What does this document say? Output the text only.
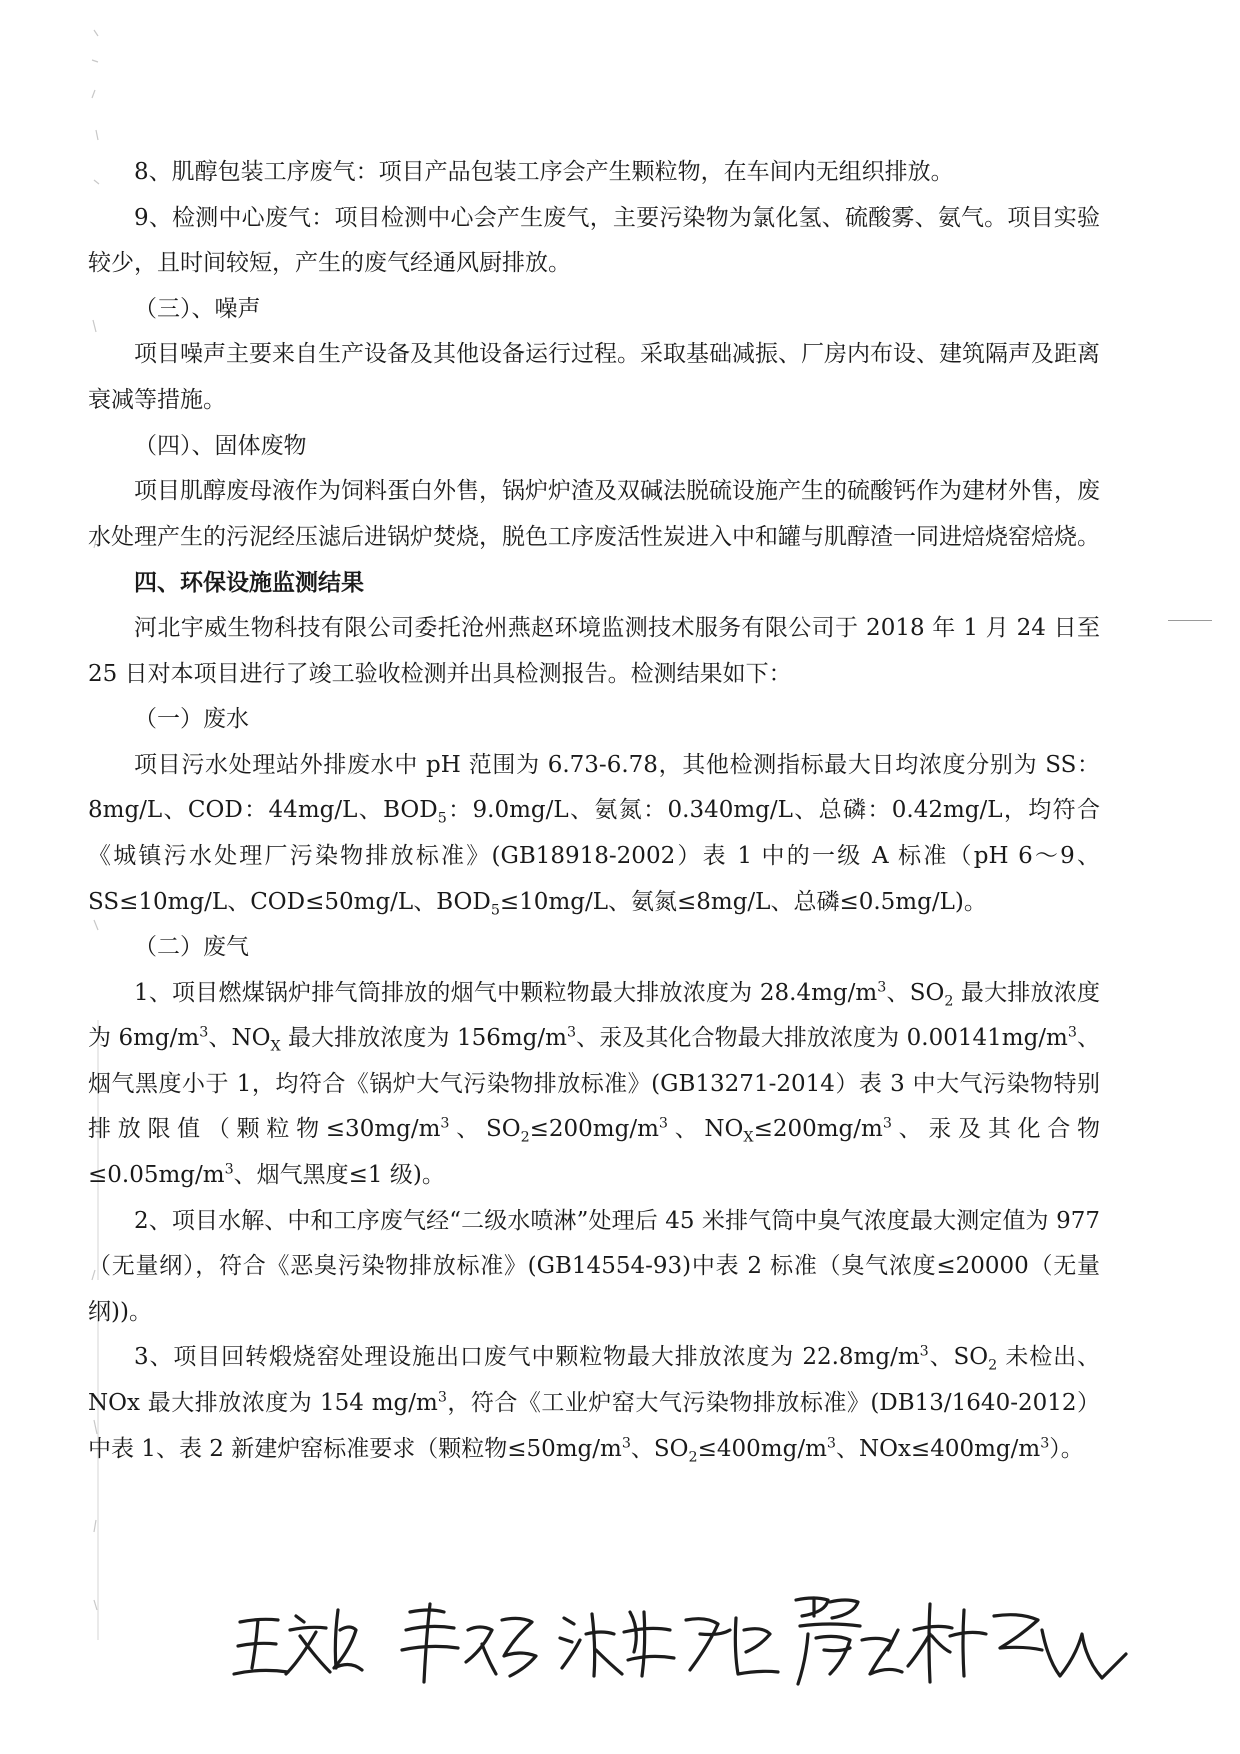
8、肌醇包装工序废气：项目产品包装工序会产生颗粒物，在车间内无组织排放。

9、检测中心废气：项目检测中心会产生废气，主要污染物为氯化氢、硫酸雾、氨气。项目实验较少，且时间较短，产生的废气经通风厨排放。

（三）、噪声

项目噪声主要来自生产设备及其他设备运行过程。采取基础减振、厂房内布设、建筑隔声及距离衰减等措施。

（四）、固体废物

项目肌醇废母液作为饲料蛋白外售，锅炉炉渣及双碱法脱硫设施产生的硫酸钙作为建材外售，废水处理产生的污泥经压滤后进锅炉焚烧，脱色工序废活性炭进入中和罐与肌醇渣一同进焙烧窑焙烧。

四、环保设施监测结果

河北宇威生物科技有限公司委托沧州燕赵环境监测技术服务有限公司于 2018 年 1 月 24 日至 25 日对本项目进行了竣工验收检测并出具检测报告。检测结果如下：

（一）废水

项目污水处理站外排废水中 pH 范围为 6.73-6.78，其他检测指标最大日均浓度分别为 SS：8mg/L、COD：44mg/L、$BOD_5$：9.0mg/L、氨氮：0.340mg/L、总磷：0.42mg/L，均符合《城镇污水处理厂污染物排放标准》(GB18918-2002）表 1 中的一级 A 标准（pH 6～9、SS≤10mg/L、COD≤50mg/L、$BOD_5\le 10mg/L$、氨氮≤8mg/L、总磷≤0.5mg/L)。

（二）废气

1、项目燃煤锅炉排气筒排放的烟气中颗粒物最大排放浓度为 $28.4mg/m^3$、$SO_2$ 最大排放浓度为 $6mg/m^3$、$NO_X$ 最大排放浓度为 $156mg/m^3$、汞及其化合物最大排放浓度为 $0.00141mg/m^3$、烟气黑度小于 1，均符合《锅炉大气污染物排放标准》(GB13271-2014）表 3 中大气污染物特别排放限值（颗粒物$\le 30mg/m^3$、$SO_2\le 200mg/m^3$、$NO_X\le 200mg/m^3$、汞及其化合物$\le 0.05mg/m^3$、烟气黑度≤1 级)。

2、项目水解、中和工序废气经“二级水喷淋”处理后 45 米排气筒中臭气浓度最大测定值为 977（无量纲），符合《恶臭污染物排放标准》(GB14554-93)中表 2 标准（臭气浓度≤20000（无量纲))。

3、项目回转煅烧窑处理设施出口废气中颗粒物最大排放浓度为 $22.8mg/m^3$、$SO_2$ 未检出、NOx 最大排放浓度为 154 $mg/m^3$，符合《工业炉窑大气污染物排放标准》(DB13/1640-2012）中表 1、表 2 新建炉窑标准要求（颗粒物$\le 50mg/m^3$、$SO_2\le 400mg/m^3$、$NOx\le 400mg/m^3$）。
